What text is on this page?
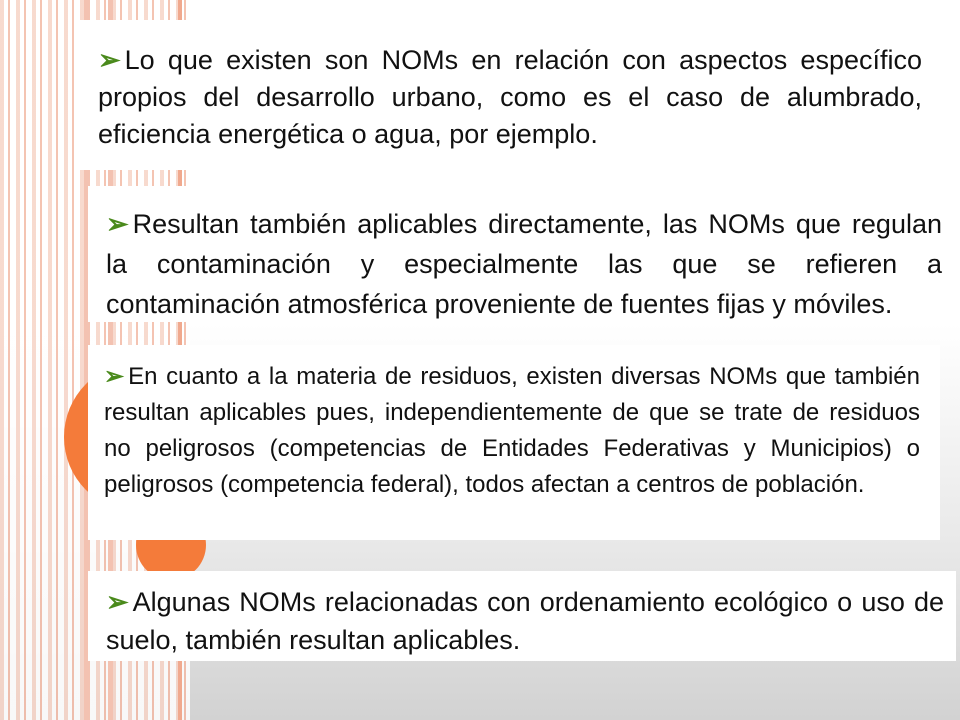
➢ Lo que existen son NOMs en relación con aspectos específico propios del desarrollo urbano, como es el caso de alumbrado, eficiencia energética o agua, por ejemplo.
➢ Resultan también aplicables directamente, las NOMs que regulan la contaminación y especialmente las que se refieren a contaminación atmosférica proveniente de fuentes fijas y móviles.
➢ En cuanto a la materia de residuos, existen diversas NOMs que también resultan aplicables pues, independientemente de que se trate de residuos no peligrosos (competencias de Entidades Federativas y Municipios) o peligrosos (competencia federal), todos afectan a centros de población.
➢ Algunas NOMs relacionadas con ordenamiento ecológico o uso de suelo, también resultan aplicables.
